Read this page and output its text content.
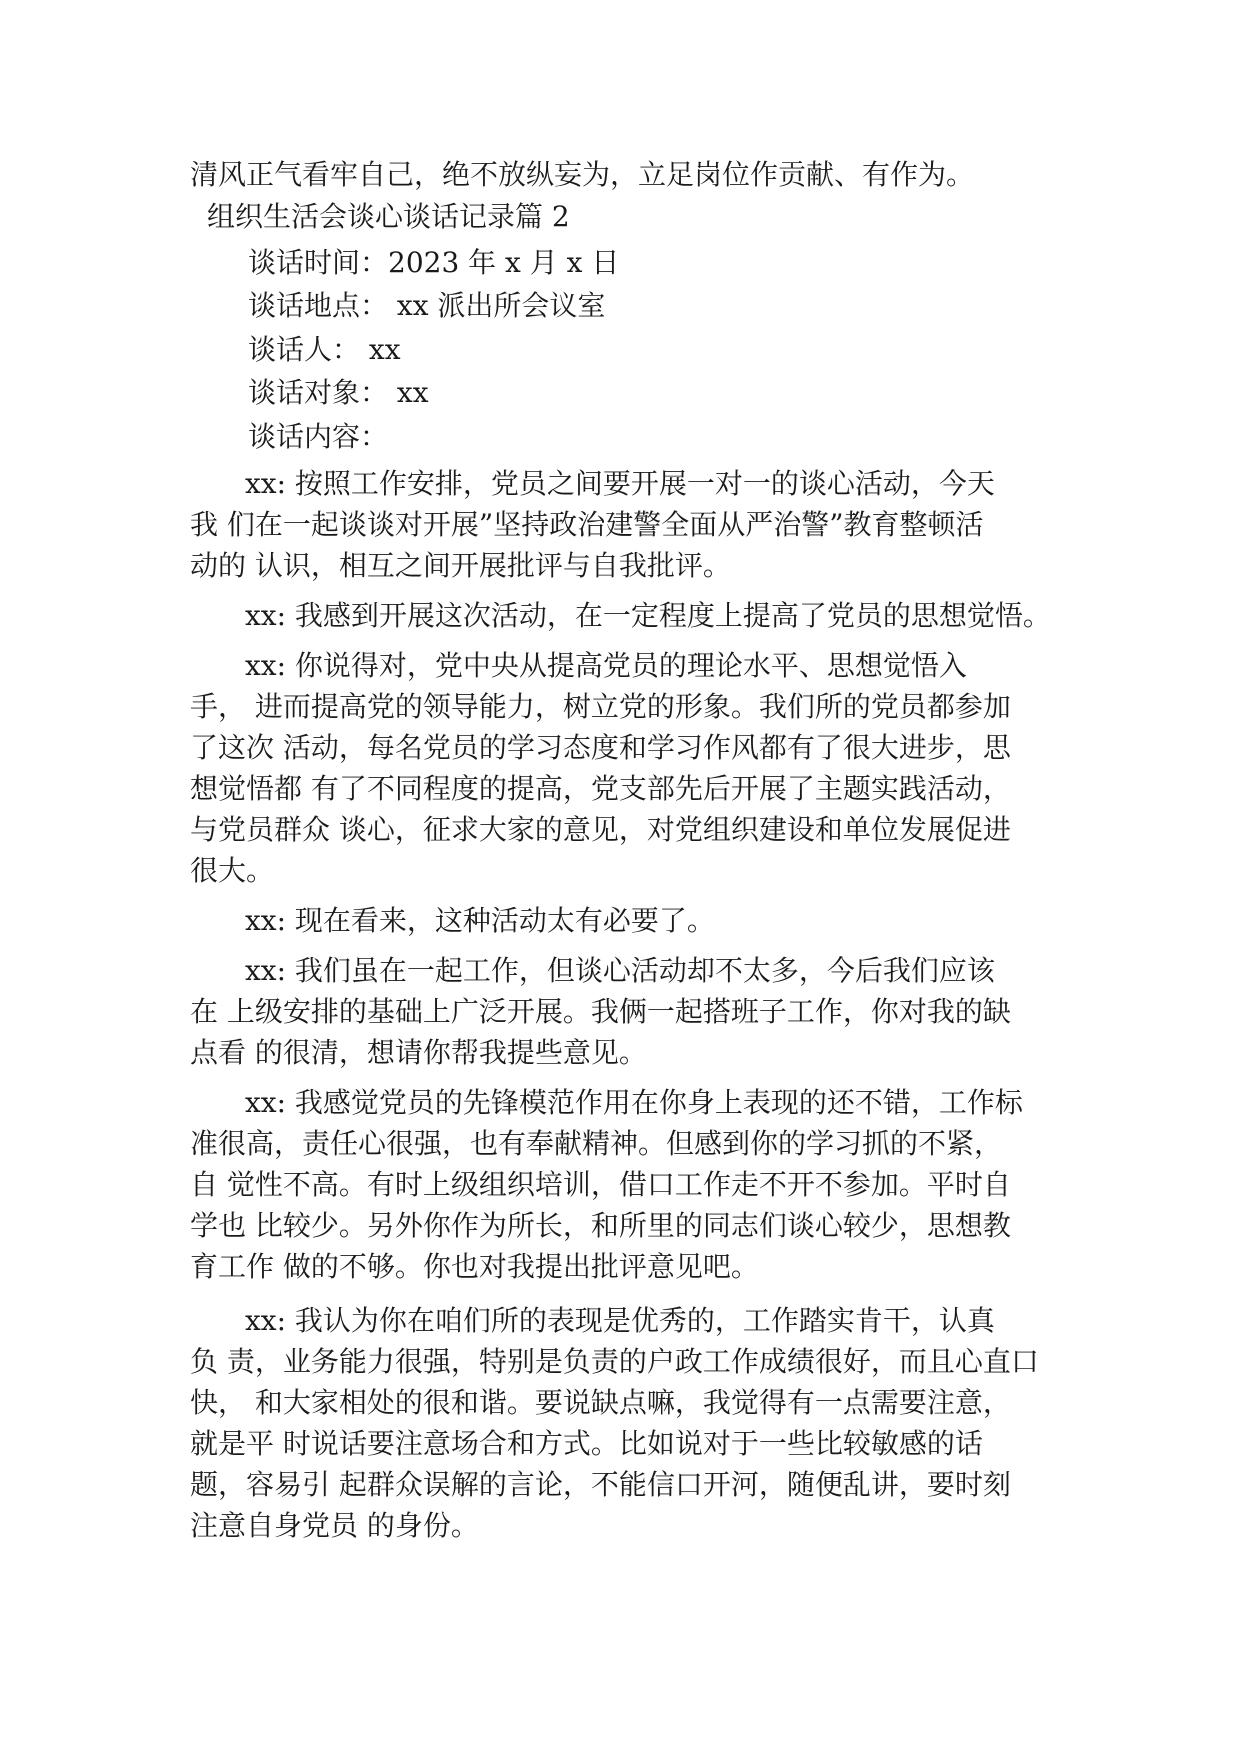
清风正气看牢自己，绝不放纵妄为，立足岗位作贡献、有作为。
组织生活会谈心谈话记录篇 2
谈话时间：2023 年 x 月 x 日
谈话地点： xx 派出所会议室
谈话人： xx
谈话对象： xx
谈话内容：
xx: 按照工作安排，党员之间要开展一对一的谈心活动，今天
我 们在一起谈谈对开展”坚持政治建警全面从严治警”教育整顿活
动的 认识，相互之间开展批评与自我批评。
xx: 我感到开展这次活动，在一定程度上提高了党员的思想觉悟。
xx: 你说得对，党中央从提高党员的理论水平、思想觉悟入
手， 进而提高党的领导能力，树立党的形象。我们所的党员都参加
了这次 活动，每名党员的学习态度和学习作风都有了很大进步，思
想觉悟都 有了不同程度的提高，党支部先后开展了主题实践活动，
与党员群众 谈心，征求大家的意见，对党组织建设和单位发展促进
很大。
xx: 现在看来，这种活动太有必要了。
xx: 我们虽在一起工作，但谈心活动却不太多，今后我们应该
在 上级安排的基础上广泛开展。我俩一起搭班子工作，你对我的缺
点看 的很清，想请你帮我提些意见。
xx: 我感觉党员的先锋模范作用在你身上表现的还不错，工作标
准很高，责任心很强，也有奉献精神。但感到你的学习抓的不紧，
自 觉性不高。有时上级组织培训，借口工作走不开不参加。平时自
学也 比较少。另外你作为所长，和所里的同志们谈心较少，思想教
育工作 做的不够。你也对我提出批评意见吧。
xx: 我认为你在咱们所的表现是优秀的，工作踏实肯干，认真
负 责，业务能力很强，特别是负责的户政工作成绩很好，而且心直口
快， 和大家相处的很和谐。要说缺点嘛，我觉得有一点需要注意，
就是平 时说话要注意场合和方式。比如说对于一些比较敏感的话
题，容易引 起群众误解的言论，不能信口开河，随便乱讲，要时刻
注意自身党员 的身份。
